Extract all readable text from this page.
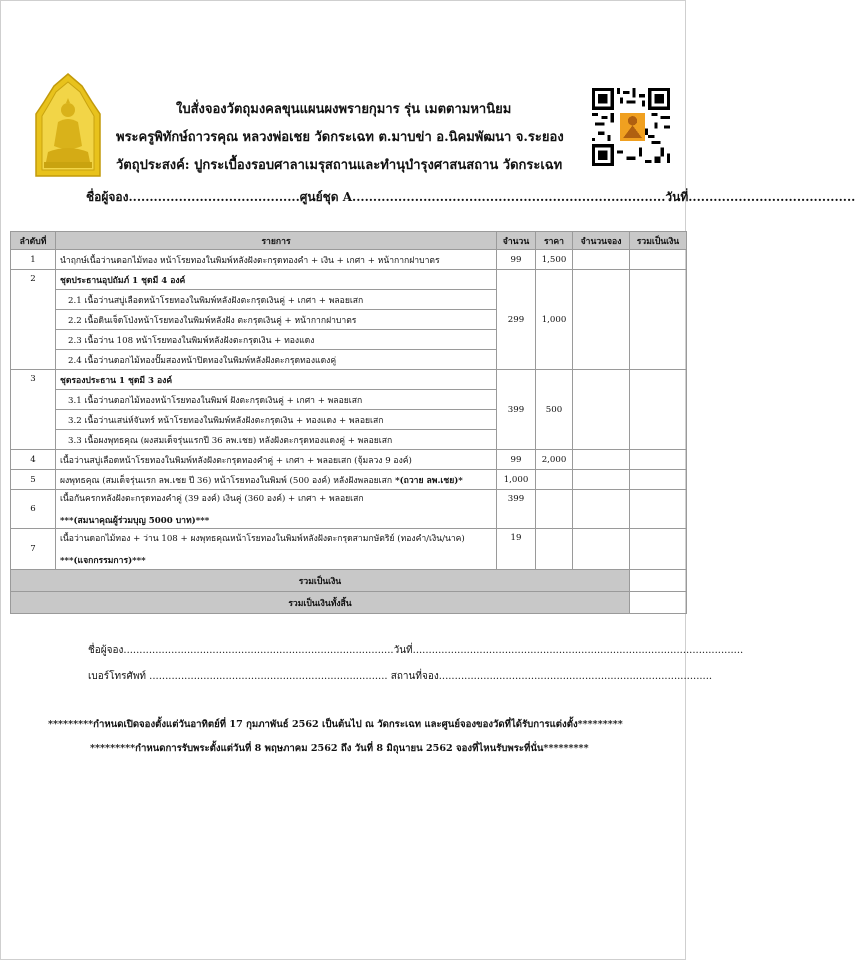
ใบสั่งจองวัตถุมงคลขุนแผนผงพรายกุมาร รุ่น เมตตามหานิยม
พระครูพิทักษ์ถาวรคุณ หลวงพ่อเชย วัดกระเฉท ต.มาบข่า อ.นิคมพัฒนา จ.ระยอง
วัตถุประสงค์: ปูกระเบื้องรอบศาลาเมรุสถานและทำนุบำรุงศาสนสถาน วัดกระเฉท
ชื่อผู้จอง.........................................ศูนย์ชุด A...........................................................................วันที่........................................
ลำดับที่	รายการ	จำนวน	ราคา	จำนวนจอง	รวมเป็นเงิน
1	นำฤกษ์เนื้อว่านดอกไม้ทอง หน้าโรยทองในพิมพ์หลังฝังตะกรุดทองคำ + เงิน + เกศา + หน้ากากฝาบาตร	99	1,500		
2	ชุดประธานอุปถัมภ์ 1 ชุดมี 4 องค์	299	1,000		
	2.1 เนื้อว่านสบู่เลือดหน้าโรยทองในพิมพ์หลังฝังตะกรุดเงินคู่ + เกศา + พลอยเสก				
	2.2 เนื้อดินเจ็ดโป่งหน้าโรยทองในพิมพ์หลังฝัง ตะกรุดเงินคู่ + หน้ากากฝาบาตร				
	2.3 เนื้อว่าน 108 หน้าโรยทองในพิมพ์หลังฝังตะกรุดเงิน + ทองแดง				
	2.4 เนื้อว่านดอกไม้ทองปั๊มสองหน้าปิดทองในพิมพ์หลังฝังตะกรุดทองแดงคู่				
3	ชุดรองประธาน 1 ชุดมี 3 องค์	399	500		
	3.1 เนื้อว่านดอกไม้ทองหน้าโรยทองในพิมพ์ ฝังตะกรุดเงินคู่ + เกศา + พลอยเสก				
	3.2 เนื้อว่านเสน่ห์จันทร์ หน้าโรยทองในพิมพ์หลังฝังตะกรุดเงิน + ทองแดง + พลอยเสก				
	3.3 เนื้อผงพุทธคุณ (ผงสมเด็จรุ่นแรกปี 36 ลพ.เชย) หลังฝังตะกรุดทองแดงคู่ + พลอยเสก				
4	เนื้อว่านสบู่เลือดหน้าโรยทองในพิมพ์หลังฝังตะกรุดทองคำคู่ + เกศา + พลอยเสก (จุ้มลวง 9 องค์)	99	2,000		
5	ผงพุทธคุณ (สมเด็จรุ่นแรก ลพ.เชย ปี 36) หน้าโรยทองในพิมพ์ (500 องค์) หลังฝังพลอยเสก *(ถวาย ลพ.เชย)*	1,000			
6	เนื้อกันครกหลังฝังตะกรุดทองคำคู่ (39 องค์) เงินคู่ (360 องค์) + เกศา + พลอยเสก
***(สมนาคุณผู้ร่วมบุญ 5000 บาท)***	399			
7	เนื้อว่านดอกไม้ทอง + ว่าน 108 + ผงพุทธคุณหน้าโรยทองในพิมพ์หลังฝังตะกรุดสามกษัตริย์ (ทองคำ/เงิน/นาค)
***(แจกกรรมการ)***	19			
รวมเป็นเงิน					
รวมเป็นเงินทั้งสิ้น					
ชื่อผู้จอง.....................................................................................วันที่........................................................................................................
เบอร์โทรศัพท์ ........................................................................... สถานที่จอง......................................................................................
*********กำหนดเปิดจองตั้งแต่วันอาทิตย์ที่ 17 กุมภาพันธ์ 2562 เป็นต้นไป ณ วัดกระเฉท และศูนย์จองของวัดที่ได้รับการแต่งตั้ง*********
*********กำหนดการรับพระตั้งแต่วันที่ 8 พฤษภาคม 2562 ถึง วันที่ 8 มิถุนายน 2562 จองที่ไหนรับพระที่นั่น*********
